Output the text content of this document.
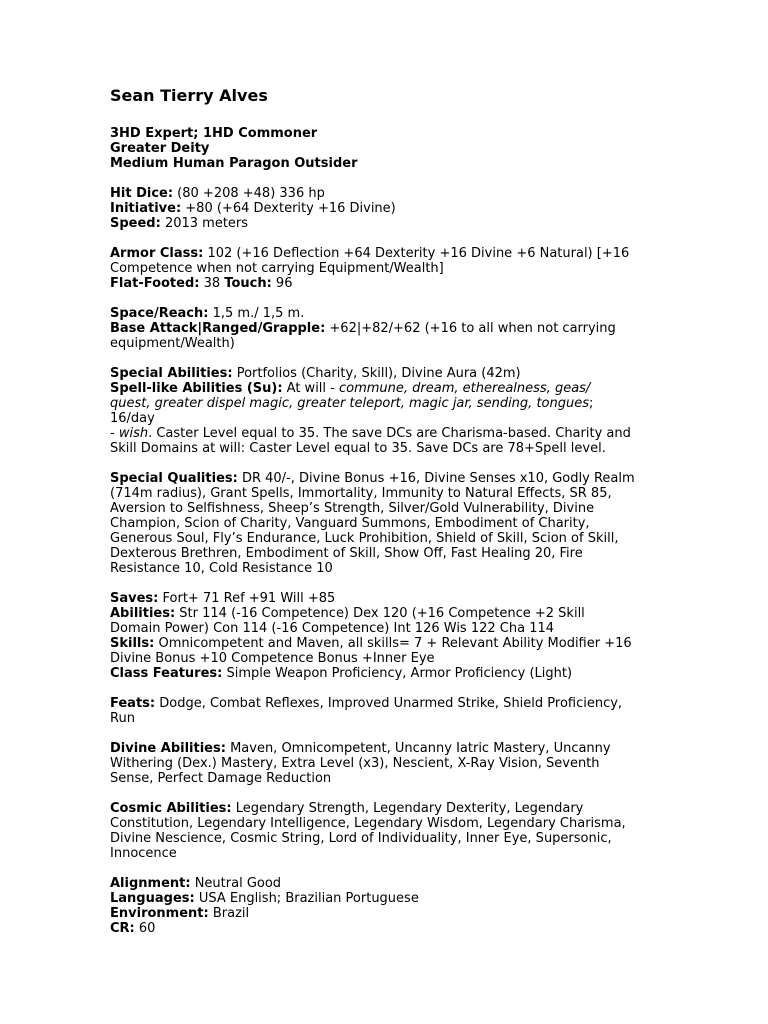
Sean Tierry Alves
3HD Expert; 1HD Commoner
Greater Deity
Medium Human Paragon Outsider
Hit Dice: (80 +208 +48) 336 hp
Initiative: +80 (+64 Dexterity +16 Divine)
Speed: 2013 meters
Armor Class: 102 (+16 Deflection +64 Dexterity +16 Divine +6 Natural) [+16
Competence when not carrying Equipment/Wealth]
Flat-Footed: 38 Touch: 96
Space/Reach: 1,5 m./ 1,5 m.
Base Attack|Ranged/Grapple: +62|+82/+62 (+16 to all when not carrying
equipment/Wealth)
Special Abilities: Portfolios (Charity, Skill), Divine Aura (42m)
Spell-like Abilities (Su): At will - commune, dream, etherealness, geas/
quest, greater dispel magic, greater teleport, magic jar, sending, tongues;
16/day
- wish. Caster Level equal to 35. The save DCs are Charisma-based. Charity and
Skill Domains at will: Caster Level equal to 35. Save DCs are 78+Spell level.
Special Qualities: DR 40/-, Divine Bonus +16, Divine Senses x10, Godly Realm
(714m radius), Grant Spells, Immortality, Immunity to Natural Effects, SR 85,
Aversion to Selfishness, Sheep’s Strength, Silver/Gold Vulnerability, Divine
Champion, Scion of Charity, Vanguard Summons, Embodiment of Charity,
Generous Soul, Fly’s Endurance, Luck Prohibition, Shield of Skill, Scion of Skill,
Dexterous Brethren, Embodiment of Skill, Show Off, Fast Healing 20, Fire
Resistance 10, Cold Resistance 10
Saves: Fort+ 71 Ref +91 Will +85
Abilities: Str 114 (-16 Competence) Dex 120 (+16 Competence +2 Skill
Domain Power) Con 114 (-16 Competence) Int 126 Wis 122 Cha 114
Skills: Omnicompetent and Maven, all skills= 7 + Relevant Ability Modifier +16
Divine Bonus +10 Competence Bonus +Inner Eye
Class Features: Simple Weapon Proficiency, Armor Proficiency (Light)
Feats: Dodge, Combat Reflexes, Improved Unarmed Strike, Shield Proficiency,
Run
Divine Abilities: Maven, Omnicompetent, Uncanny Iatric Mastery, Uncanny
Withering (Dex.) Mastery, Extra Level (x3), Nescient, X-Ray Vision, Seventh
Sense, Perfect Damage Reduction
Cosmic Abilities: Legendary Strength, Legendary Dexterity, Legendary
Constitution, Legendary Intelligence, Legendary Wisdom, Legendary Charisma,
Divine Nescience, Cosmic String, Lord of Individuality, Inner Eye, Supersonic,
Innocence
Alignment: Neutral Good
Languages: USA English; Brazilian Portuguese
Environment: Brazil
CR: 60
